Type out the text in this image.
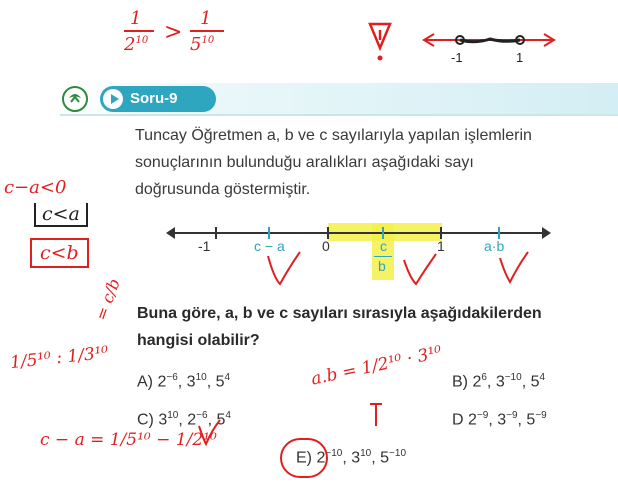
1
$2^{10}$ >
1
$5^{10}$
-1	1
Soru-9
Tuncay Öğretmen a, b ve c sayılarıyla yapılan işlemlerin
sonuçlarının bulunduğu aralıkları aşağıdaki sayı
doğrusunda göstermiştir.
c−a<0
c<a
c<b	-1	c − a	0	c
b
1	a·b
= c/b Buna göre, a, b ve c sayıları sırasıyla aşağıdakilerden
hangisi olabilir?
1/5¹⁰ : 1/3¹⁰
A) $2^{-6}$, $3^{10}$, $5^4$	B) $2^6$, $3^{-10}$, $5^4$
C) $3^{10}$, $2^{-6}$, $5^4$	D $2^{-9}$, $3^{-9}$, $5^{-9}$
E) $2^{-10}$, $3^{10}$, $5^{-10}$
a.b = 1/2¹⁰ · 3¹⁰
c − a = 1/5¹⁰ − 1/2¹⁰
